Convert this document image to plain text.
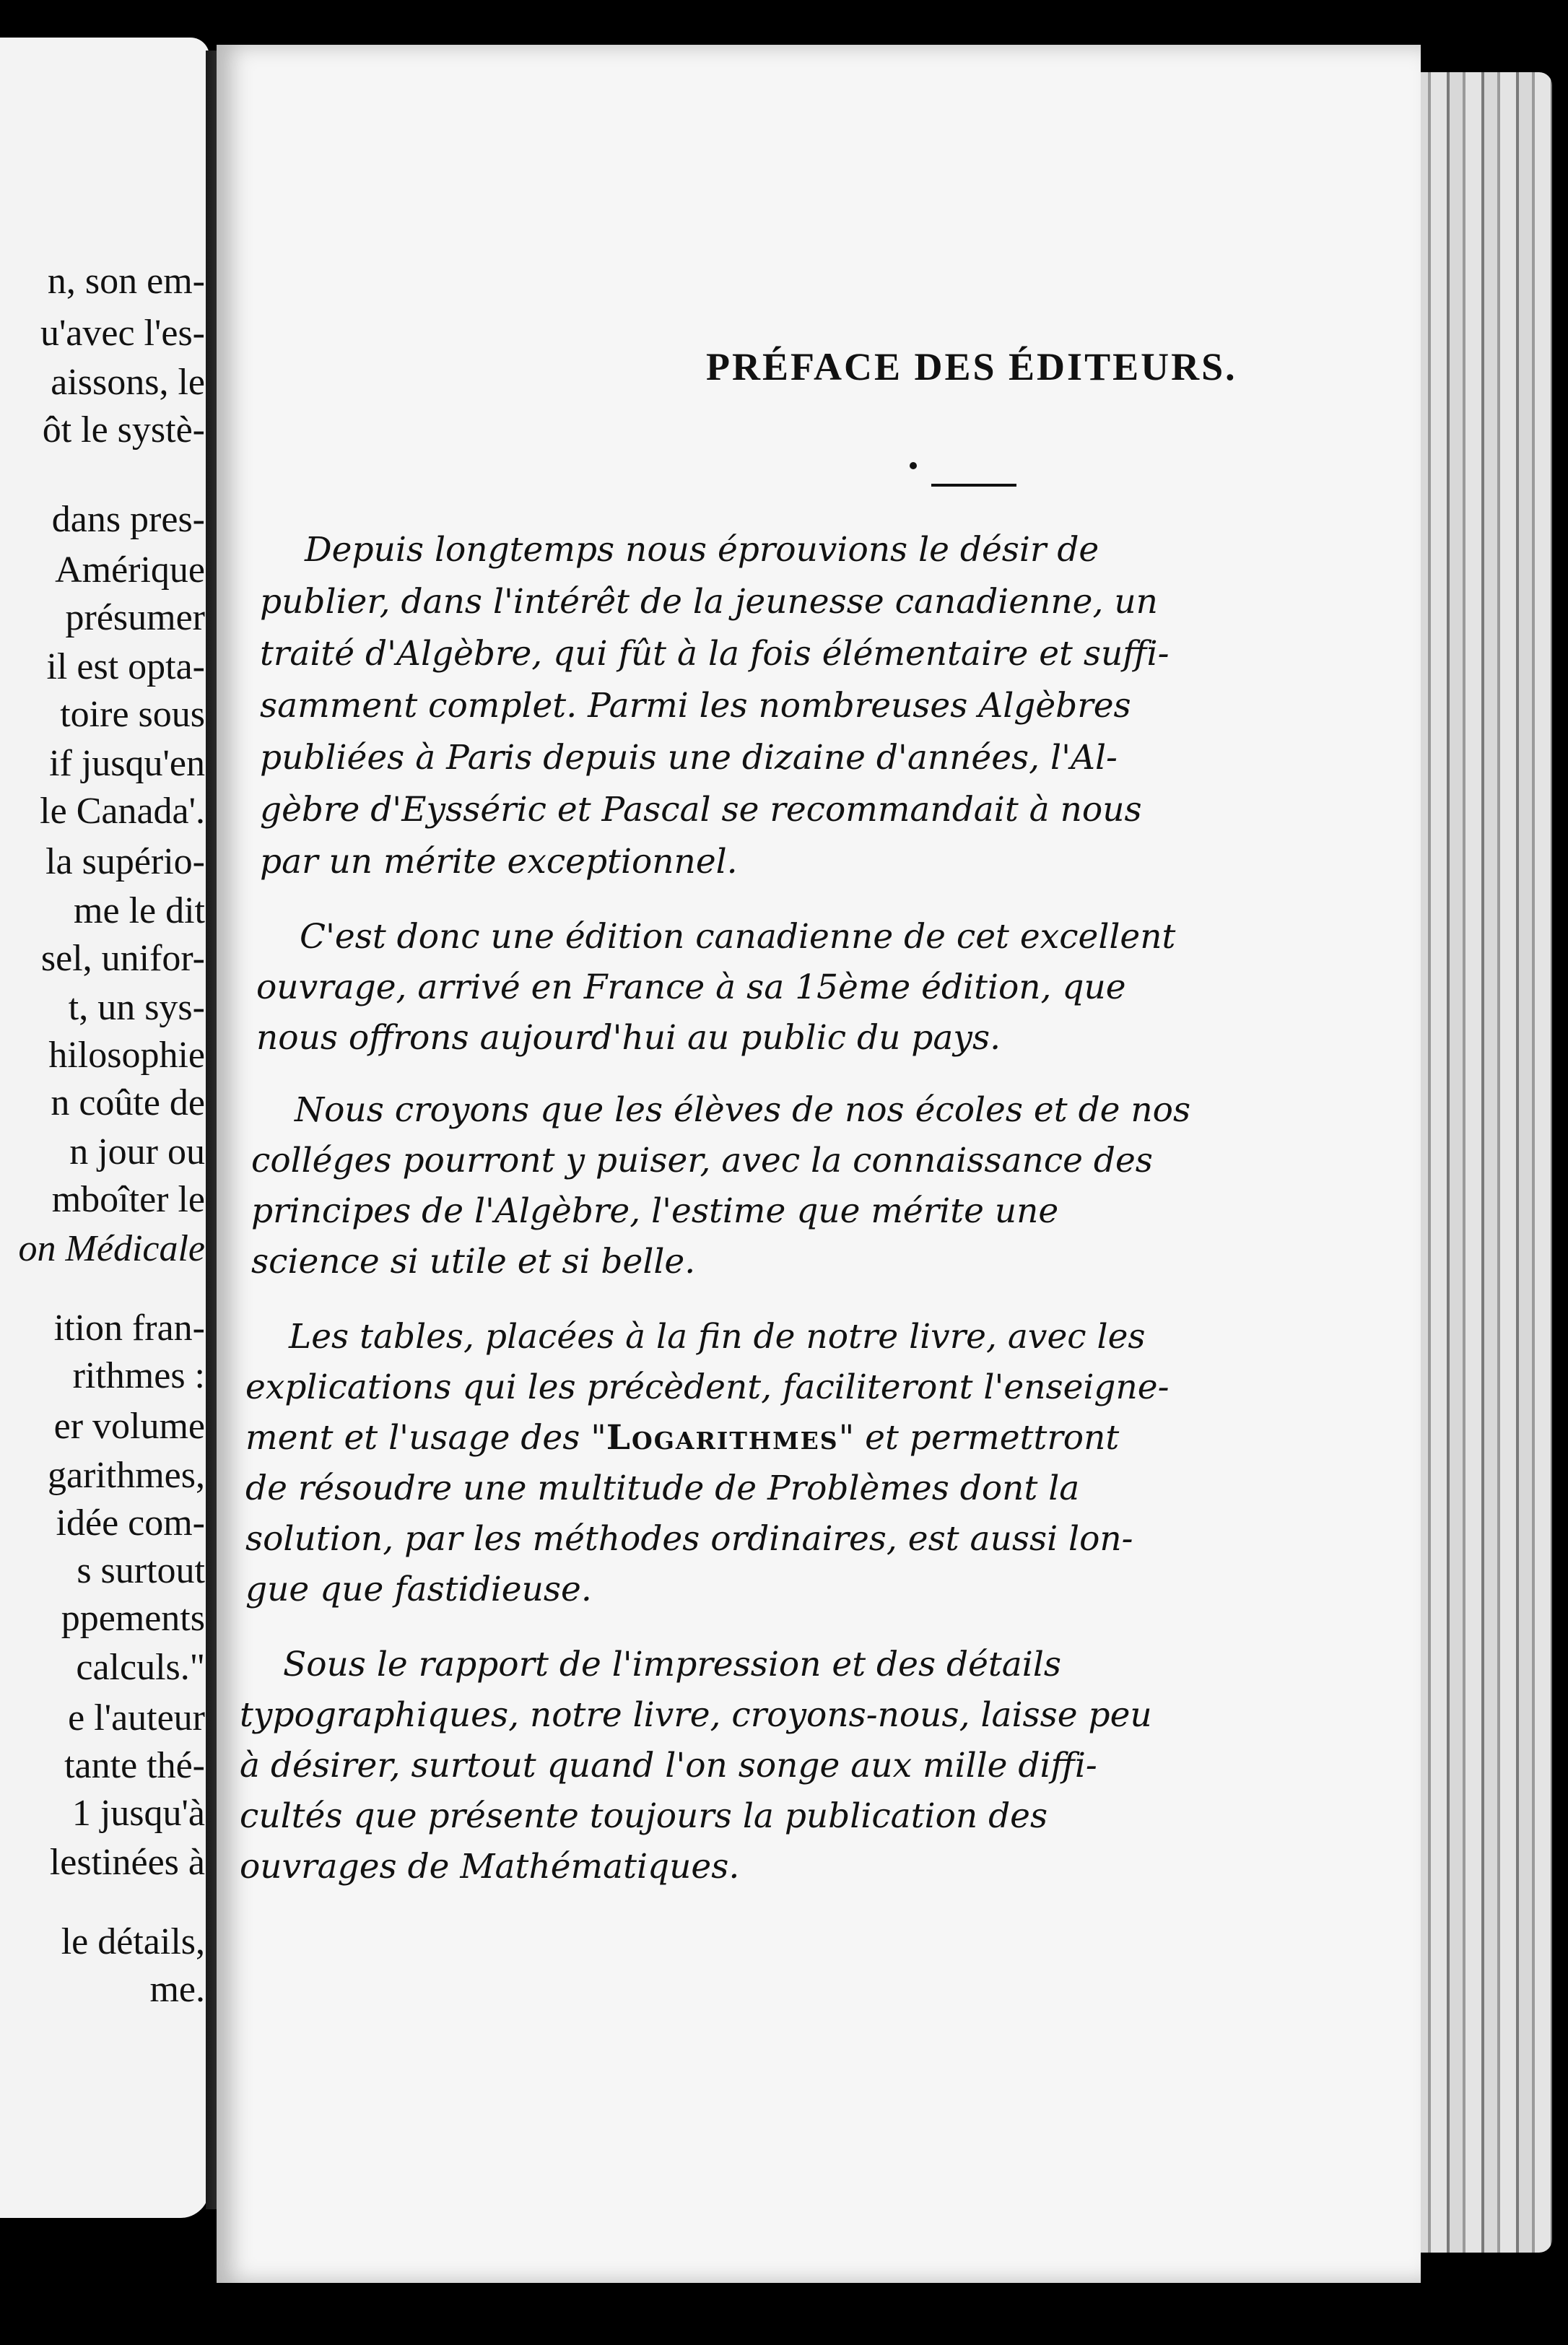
n, son em-
u'avec l'es-
aissons, le
ôt le systè-
dans pres-
Amérique
présumer
il est opta-
toire sous
if jusqu'en
le Canada'.
la supério-
me le dit
sel, unifor-
t, un sys-
hilosophie
n coûte de
n jour ou
mboîter le
on Médicale
ition fran-
rithmes :
er volume
garithmes,
idée com-
s surtout
ppements
calculs."
e l'auteur
tante thé-
1 jusqu'à
lestinées à
le détails,
me.
PRÉFACE DES ÉDITEURS.
Depuis longtemps nous éprouvions le désir de
publier, dans l'intérêt de la jeunesse canadienne, un
traité d'Algèbre, qui fût à la fois élémentaire et suffi-
samment complet. Parmi les nombreuses Algèbres
publiées à Paris depuis une dizaine d'années, l'Al-
gèbre d'Eysséric et Pascal se recommandait à nous
par un mérite exceptionnel.
C'est donc une édition canadienne de cet excellent
ouvrage, arrivé en France à sa 15ème édition, que
nous offrons aujourd'hui au public du pays.
Nous croyons que les élèves de nos écoles et de nos
colléges pourront y puiser, avec la connaissance des
principes de l'Algèbre, l'estime que mérite une
science si utile et si belle.
Les tables, placées à la fin de notre livre, avec les
explications qui les précèdent, faciliteront l'enseigne-
ment et l'usage des "Logarithmes" et permettront
de résoudre une multitude de Problèmes dont la
solution, par les méthodes ordinaires, est aussi lon-
gue que fastidieuse.
Sous le rapport de l'impression et des détails
typographiques, notre livre, croyons-nous, laisse peu
à désirer, surtout quand l'on songe aux mille diffi-
cultés que présente toujours la publication des
ouvrages de Mathématiques.
